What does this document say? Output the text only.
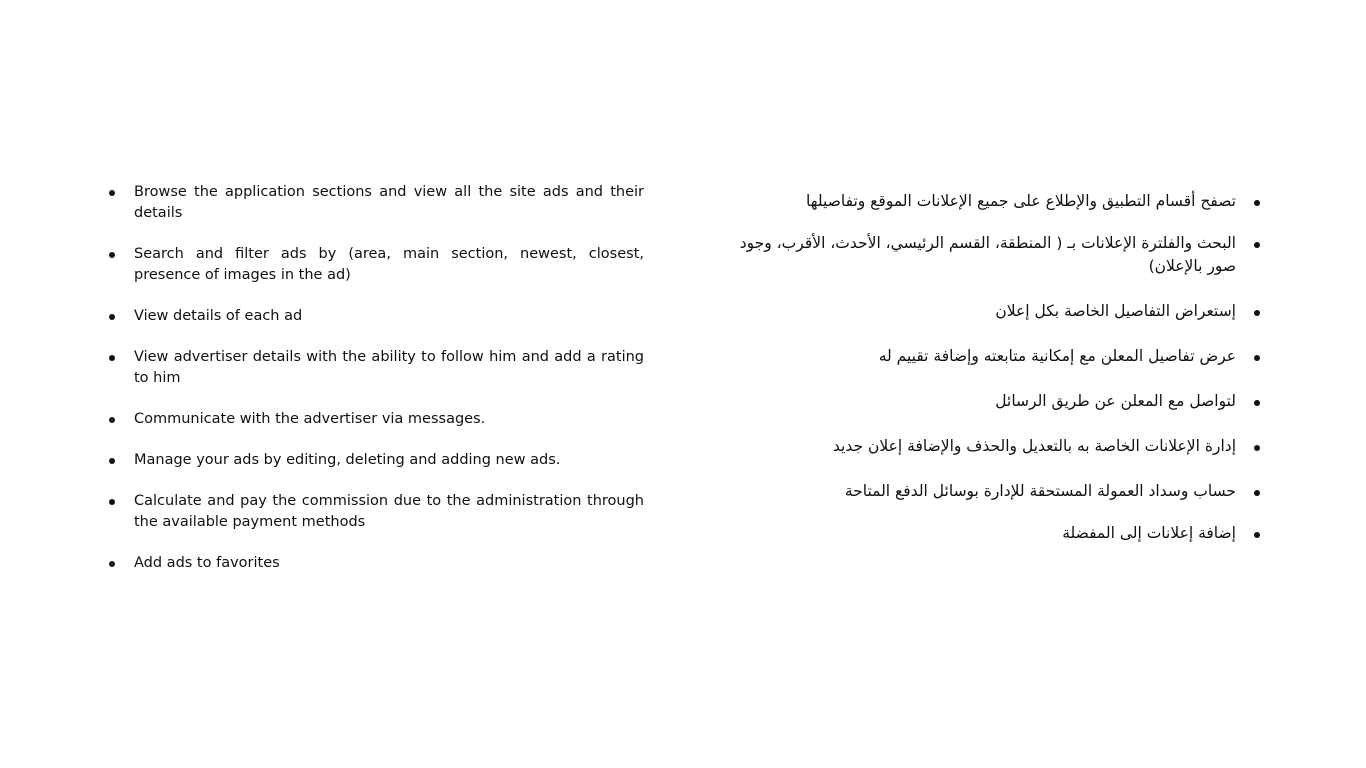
Browse the application sections and view all the site ads and their details
Search and filter ads by (area, main section, newest, closest, presence of images in the ad)
View details of each ad
View advertiser details with the ability to follow him and add a rating to him
Communicate with the advertiser via messages.
Manage your ads by editing, deleting and adding new ads.
Calculate and pay the commission due to the administration through the available payment methods
Add ads to favorites
تصفح أقسام التطبيق والإطلاع على جميع الإعلانات الموقع وتفاصيلها
البحث والفلترة الإعلانات بـ ( المنطقة، القسم الرئيسي، الأحدث، الأقرب، وجود صور بالإعلان)
إستعراض التفاصيل الخاصة بكل إعلان
عرض تفاصيل المعلن مع إمكانية متابعته وإضافة تقييم له
لتواصل مع المعلن عن طريق الرسائل
إدارة الإعلانات الخاصة به بالتعديل والحذف والإضافة إعلان جديد
حساب وسداد العمولة المستحقة للإدارة بوسائل الدفع المتاحة
إضافة إعلانات إلى المفضلة
